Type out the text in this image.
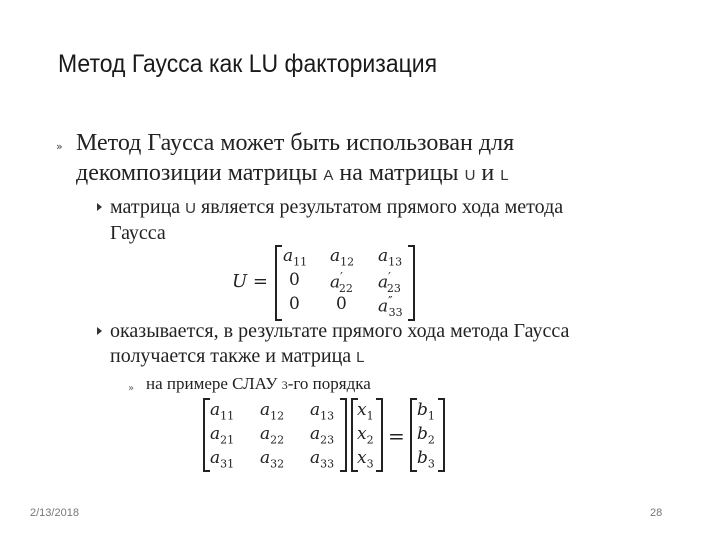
Метод Гаусса как LU факторизация
» Метод Гаусса может быть использован для
декомпозиции матрицы A на матрицы U и L
матрица U является результатом прямого хода метода
Гаусса
U =
$a_{11}$ $a_{12}$ $a_{13}$
0 $a'_{22}$ $a'_{23}$
0 0 $a''_{33}$
оказывается, в результате прямого хода метода Гаусса
получается также и матрица L
» на примере СЛАУ 3-го порядка
=
$a_{11}$ $a_{12}$ $a_{13}$
$a_{21}$ $a_{22}$ $a_{23}$
$a_{31}$ $a_{32}$ $a_{33}$
$x_1$
$x_2$
$x_3$
$b_1$
$b_2$
$b_3$
2/13/2018	28
